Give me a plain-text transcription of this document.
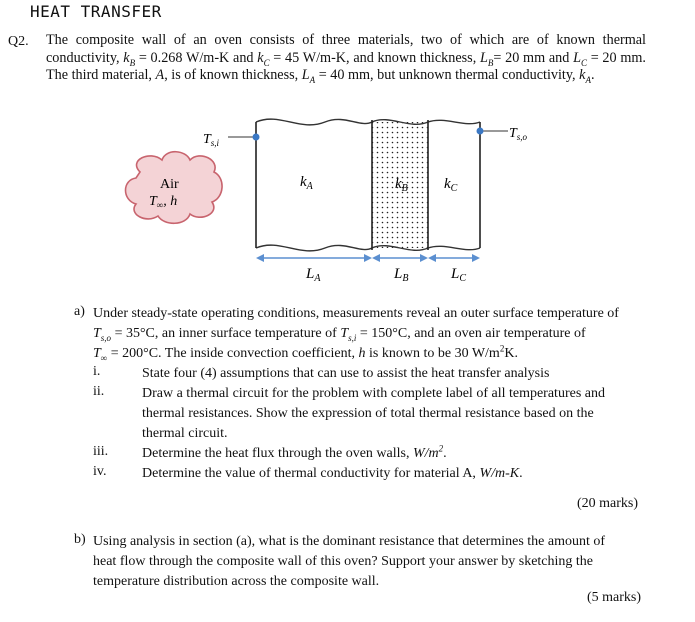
HEAT TRANSFER
Q2. The composite wall of an oven consists of three materials, two of which are of known thermal conductivity, $k_B = 0.268$ W/m-K and $k_C = 45$ W/m-K, and known thickness, $L_B= 20$ mm and $L_C = 20$ mm. The third material, A, is of known thickness, $L_A = 40$ mm, but unknown thermal conductivity, $k_A$.
Air
$T_\infty$, h
$T_{s,i}$
$T_{s,o}$
$k_A$	$k_B$ $k_C$
$L_A$	$L_B$	$L_C$
a) Under steady-state operating conditions, measurements reveal an outer surface temperature of
$T_{s,o} = 35^\circ C$, an inner surface temperature of $T_{s,i} = 150^\circ C$, and an oven air temperature of
$T_\infty = 200^\circ C$. The inside convection coefficient, h is known to be 30 $W/m^2K$.
i.	State four (4) assumptions that can use to assist the heat transfer analysis
ii.	Draw a thermal circuit for the problem with complete label of all temperatures and
thermal resistances. Show the expression of total thermal resistance based on the
thermal circuit.
iii. Determine the heat flux through the oven walls, $W/m^2$.
iv.	Determine the value of thermal conductivity for material A, W/m-K.
(20 marks)
b) Using analysis in section (a), what is the dominant resistance that determines the amount of
heat flow through the composite wall of this oven? Support your answer by sketching the
temperature distribution across the composite wall.
(5 marks)
